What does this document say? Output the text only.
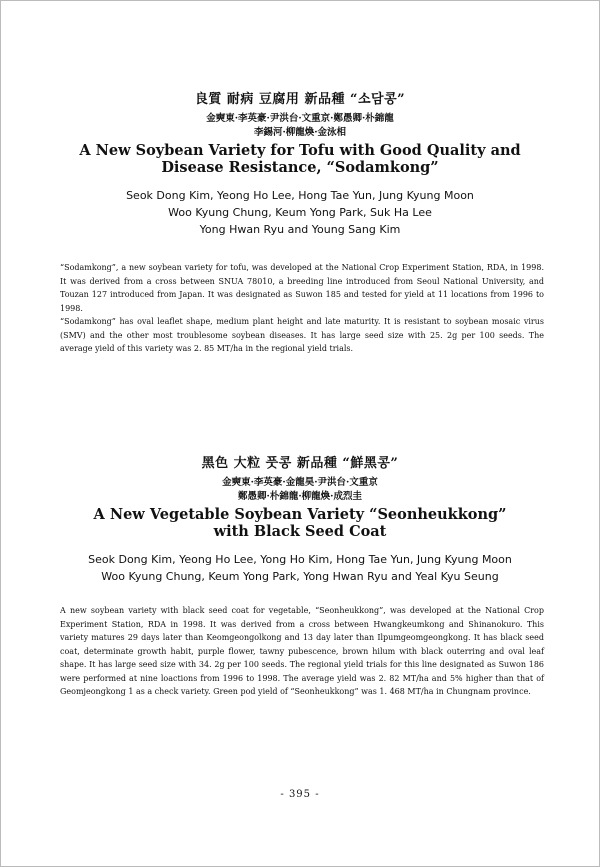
良質 耐病 豆腐用 新品種 “소담콩”
金奭東·李英豪·尹洪台·文重京·鄭愚卿·朴錦龍
李錫河·柳龍煥·金泳相
A New Soybean Variety for Tofu with Good Quality and
Disease Resistance, “Sodamkong”
Seok Dong Kim, Yeong Ho Lee, Hong Tae Yun, Jung Kyung Moon
Woo Kyung Chung, Keum Yong Park, Suk Ha Lee
Yong Hwan Ryu and Young Sang Kim

“Sodamkong”, a new soybean variety for tofu, was developed at the National Crop Experiment Station, RDA, in 1998. It was derived from a cross between SNUA 78010, a breeding line introduced from Seoul National University, and Touzan 127 introduced from Japan. It was designated as Suwon 185 and tested for yield at 11 locations from 1996 to 1998.

“Sodamkong” has oval leaflet shape, medium plant height and late maturity. It is resistant to soybean mosaic virus (SMV) and the other most troublesome soybean diseases. It has large seed size with 25. 2g per 100 seeds. The average yield of this variety was 2. 85 MT/ha in the regional yield trials.

黑色 大粒 풋콩 新品種 “鮮黑콩”
金奭東·李英豪·金龍昊·尹洪台·文重京
鄭愚卿·朴錦龍·柳龍煥·成烈圭
A New Vegetable Soybean Variety “Seonheukkong”
with Black Seed Coat
Seok Dong Kim, Yeong Ho Lee, Yong Ho Kim, Hong Tae Yun, Jung Kyung Moon
Woo Kyung Chung, Keum Yong Park, Yong Hwan Ryu and Yeal Kyu Seung

A new soybean variety with black seed coat for vegetable, “Seonheukkong”, was developed at the National Crop Experiment Station, RDA in 1998. It was derived from a cross between Hwangkeumkong and Shinanokuro. This variety matures 29 days later than Keomgeongolkong and 13 day later than Ilpumgeomgeongkong. It has black seed coat, determinate growth habit, purple flower, tawny pubescence, brown hilum with black outerring and oval leaf shape. It has large seed size with 34. 2g per 100 seeds. The regional yield trials for this line designated as Suwon 186 were performed at nine loactions from 1996 to 1998. The average yield was 2. 82 MT/ha and 5% higher than that of Geomjeongkong 1 as a check variety. Green pod yield of “Seonheukkong” was 1. 468 MT/ha in Chungnam province.

- 395 -
